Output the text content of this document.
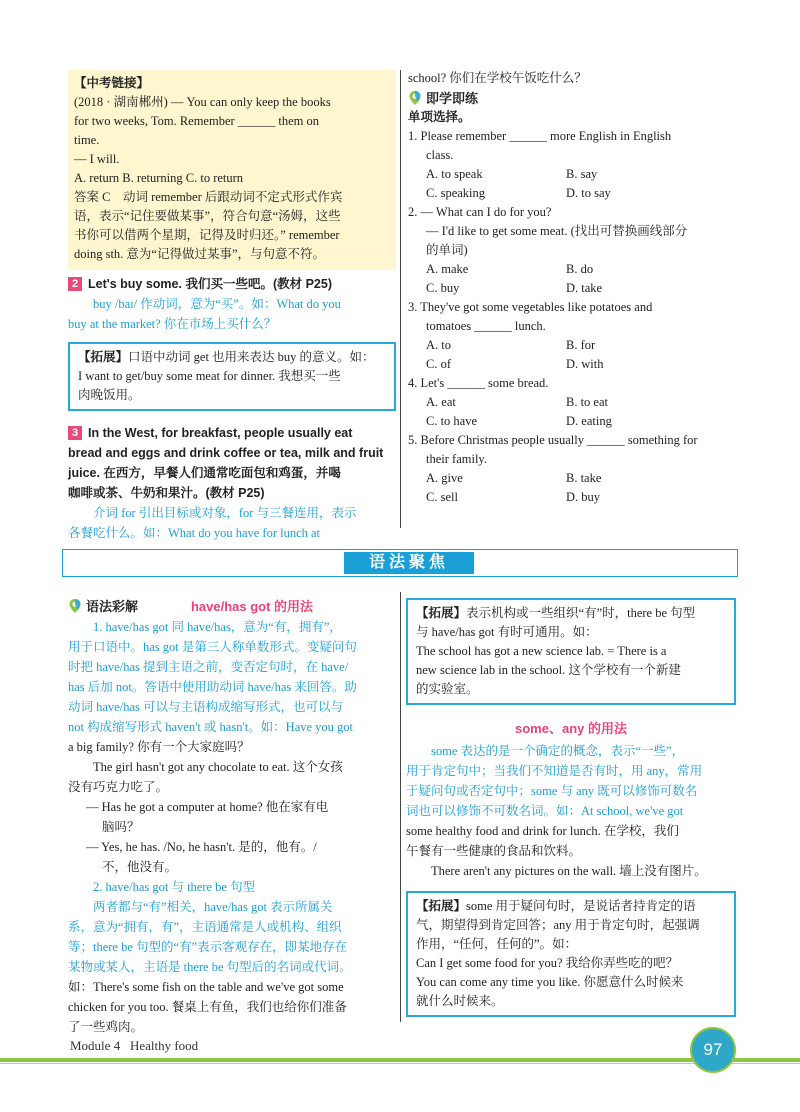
【中考链接】
(2018 · 湖南郴州) — You can only keep the books
for two weeks, Tom. Remember ______ them on
time.
— I will.
A. return B. returning C. to return
答案 C　动词 remember 后跟动词不定式形式作宾
语，表示“记住要做某事”，符合句意“汤姆，这些
书你可以借两个星期，记得及时归还。” remember
doing sth. 意为“记得做过某事”，与句意不符。
2 Let's buy some. 我们买一些吧。(教材 P25)
buy /baɪ/ 作动词，意为“买”。如：What do you
buy at the market? 你在市场上买什么？
【拓展】口语中动词 get 也用来表达 buy 的意义。如：
I want to get/buy some meat for dinner. 我想买一些
肉晚饭用。
3 In the West, for breakfast, people usually eat
bread and eggs and drink coffee or tea, milk and fruit
juice. 在西方，早餐人们通常吃面包和鸡蛋，并喝
咖啡或茶、牛奶和果汁。(教材 P25)
介词 for 引出目标或对象，for 与三餐连用，表示
各餐吃什么。如：What do you have for lunch at
school? 你们在学校午饭吃什么？
即学即练
单项选择。
1. Please remember ______ more English in English
class.
A. to speak	B. say
C. speaking	D. to say
2. — What can I do for you?
— I'd like to get some meat. (找出可替换画线部分
的单词)
A. make	B. do
C. buy	D. take
3. They've got some vegetables like potatoes and
tomatoes ______ lunch.
A. to	B. for
C. of	D. with
4. Let's ______ some bread.
A. eat	B. to eat
C. to have	D. eating
5. Before Christmas people usually ______ something for
their family.
A. give	B. take
C. sell	D. buy
语法聚焦
语法彩解	have/has got 的用法
1. have/has got 同 have/has，意为“有，拥有”，
用于口语中。has got 是第三人称单数形式。变疑问句
时把 have/has 提到主语之前，变否定句时，在 have/
has 后加 not。答语中使用助动词 have/has 来回答。助
动词 have/has 可以与主语构成缩写形式，也可以与
not 构成缩写形式 haven't 或 hasn't。如：Have you got
a big family? 你有一个大家庭吗？
The girl hasn't got any chocolate to eat. 这个女孩
没有巧克力吃了。
— Has he got a computer at home? 他在家有电
脑吗？
— Yes, he has. /No, he hasn't. 是的，他有。/
不，他没有。
2. have/has got 与 there be 句型
两者都与“有”相关，have/has got 表示所属关
系，意为“拥有，有”，主语通常是人或机构、组织
等；there be 句型的“有”表示客观存在，即某地存在
某物或某人，主语是 there be 句型后的名词或代词。
如：There's some fish on the table and we've got some
chicken for you too. 餐桌上有鱼，我们也给你们准备
了一些鸡肉。
【拓展】表示机构或一些组织“有”时，there be 句型
与 have/has got 有时可通用。如：
The school has got a new science lab. = There is a
new science lab in the school. 这个学校有一个新建
的实验室。
some、any 的用法
some 表达的是一个确定的概念，表示“一些”，
用于肯定句中；当我们不知道是否有时，用 any，常用
于疑问句或否定句中；some 与 any 既可以修饰可数名
词也可以修饰不可数名词。如：At school, we've got
some healthy food and drink for lunch. 在学校，我们
午餐有一些健康的食品和饮料。
There aren't any pictures on the wall. 墙上没有图片。
【拓展】some 用于疑问句时，是说话者持肯定的语
气，期望得到肯定回答；any 用于肯定句时，起强调
作用，“任何，任何的”。如：
Can I get some food for you? 我给你弄些吃的吧？
You can come any time you like. 你愿意什么时候来
就什么时候来。
Module 4 Healthy food	97
